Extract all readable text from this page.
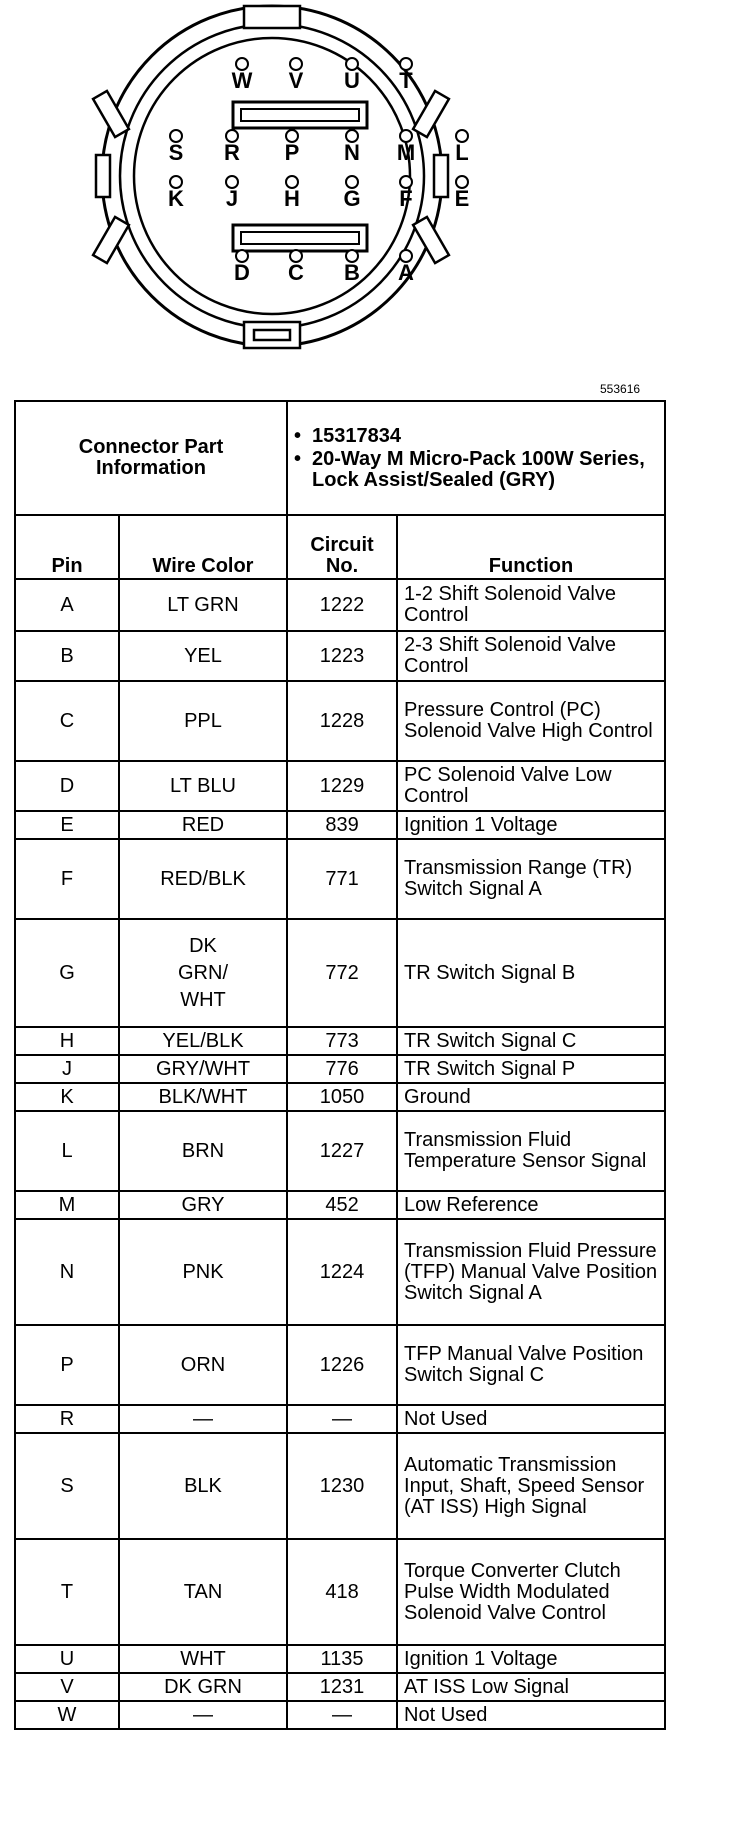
W V U T
S R P N M L
K J H G F E
D C B A
553616
Connector Part Information		• 15317834
• 20-Way M Micro-Pack 100W Series, Lock Assist/Sealed (GRY)

Pin	Wire Color	Circuit No.	Function
A	LT GRN	1222	1-2 Shift Solenoid Valve Control
B	YEL	1223	2-3 Shift Solenoid Valve Control
C	PPL	1228	Pressure Control (PC) Solenoid Valve High Control
D	LT BLU	1229	PC Solenoid Valve Low Control
E	RED	839	Ignition 1 Voltage
F	RED/BLK	771	Transmission Range (TR) Switch Signal A
G	DK
GRN/
WHT	772	TR Switch Signal B
H	YEL/BLK	773	TR Switch Signal C
J	GRY/WHT	776	TR Switch Signal P
K	BLK/WHT	1050	Ground
L	BRN	1227	Transmission Fluid Temperature Sensor Signal
M	GRY	452	Low Reference
N	PNK	1224	Transmission Fluid Pressure (TFP) Manual Valve Position Switch Signal A
P	ORN	1226	TFP Manual Valve Position Switch Signal C
R	—	—	Not Used
S	BLK	1230	Automatic Transmission Input, Shaft, Speed Sensor (AT ISS) High Signal
T	TAN	418	Torque Converter Clutch Pulse Width Modulated Solenoid Valve Control
U	WHT	1135	Ignition 1 Voltage
V	DK GRN	1231	AT ISS Low Signal
W	—	—	Not Used
